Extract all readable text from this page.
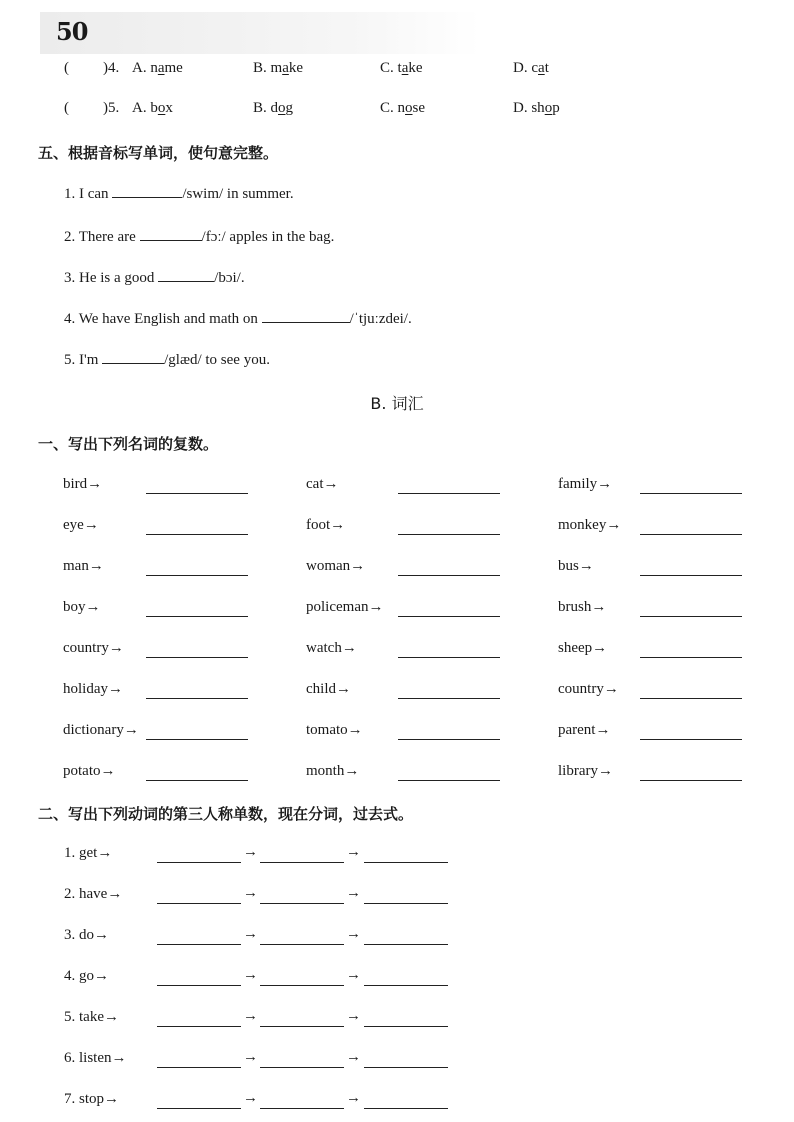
50
( )4. A. name	B. make	C. take	D. cat
( )5. A. box	B. dog	C. nose	D. shop
五、根据音标写单词，使句意完整。
1. I can	/swim/ in summer.
2. There are	/fɔː/ apples in the bag.
3. He is a good	/bɔi/.
4. We have English and math on	/ˈtjuːzdei/.
5. I'm	/glæd/ to see you.
B. 词汇
一、写出下列名词的复数。
bird→	cat→	family→
eye→	foot→	monkey→
man→	woman→	bus→
boy→	policeman→	brush→
country→	watch→	sheep→
holiday→	child→	country→
dictionary→	tomato→	parent→
potato→	month→	library→
二、写出下列动词的第三人称单数，现在分词，过去式。
1. get→	→	→
2. have→	→	→
3. do→	→	→
4. go→	→	→
5. take→	→	→
6. listen→	→	→
7. stop→	→	→
